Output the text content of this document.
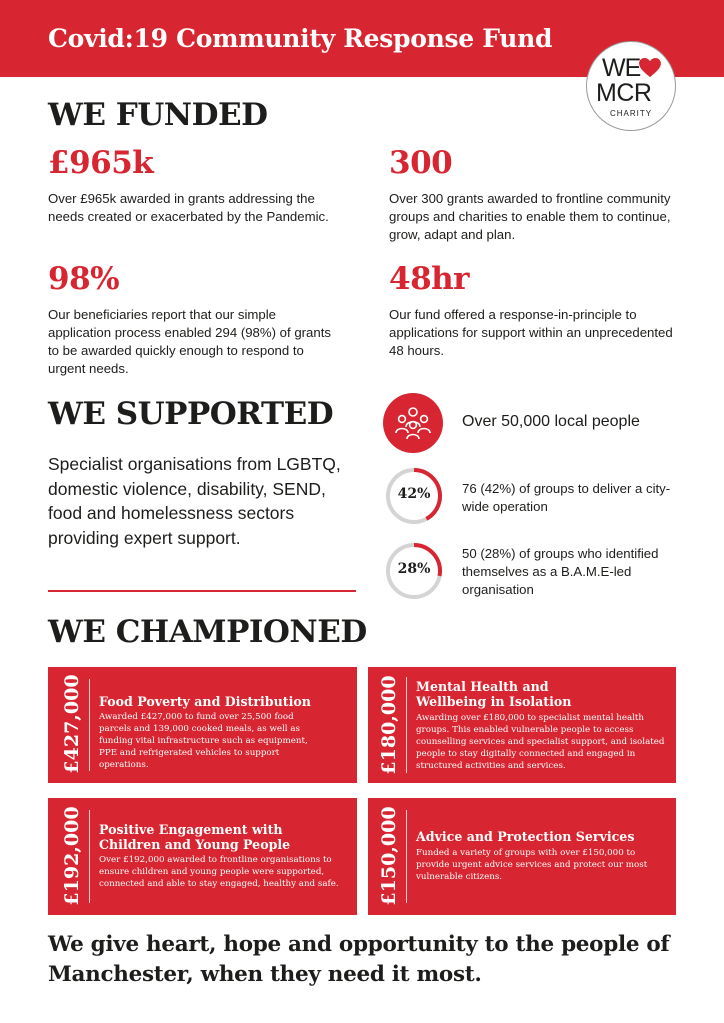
Covid:19 Community Response Fund
WE
MCR
CHARITY
WE FUNDED
£965k
Over £965k awarded in grants addressing the needs created or exacerbated by the Pandemic.
300
Over 300 grants awarded to frontline community groups and charities to enable them to continue, grow, adapt and plan.
98%
Our beneficiaries report that our simple application process enabled 294 (98%) of grants to be awarded quickly enough to respond to urgent needs.
48hr
Our fund offered a response-in-principle to applications for support within an unprecedented 48 hours.
WE SUPPORTED
Specialist organisations from LGBTQ, domestic violence, disability, SEND, food and homelessness sectors providing expert support.
Over 50,000 local people
42%	76 (42%) of groups to deliver a city-wide operation
28%
50 (28%) of groups who identified themselves as a B.A.M.E-led organisation
WE CHAMPIONED
£427,000 Food Poverty and Distribution
Awarded £427,000 to fund over 25,500 food parcels and 139,000 cooked meals, as well as funding vital infrastructure such as equipment, PPE and refrigerated vehicles to support operations.	£180,000 Mental Health and Wellbeing in Isolation
Awarding over £180,000 to specialist mental health groups. This enabled vulnerable people to access counselling services and specialist support, and isolated people to stay digitally connected and engaged in structured activities and services.
£192,000 Positive Engagement with Children and Young People
Over £192,000 awarded to frontline organisations to ensure children and young people were supported, connected and able to stay engaged, healthy and safe. £150,000 Advice and Protection Services
Funded a variety of groups with over £150,000 to provide urgent advice services and protect our most vulnerable citizens.
We give heart, hope and opportunity to the people of Manchester, when they need it most.
